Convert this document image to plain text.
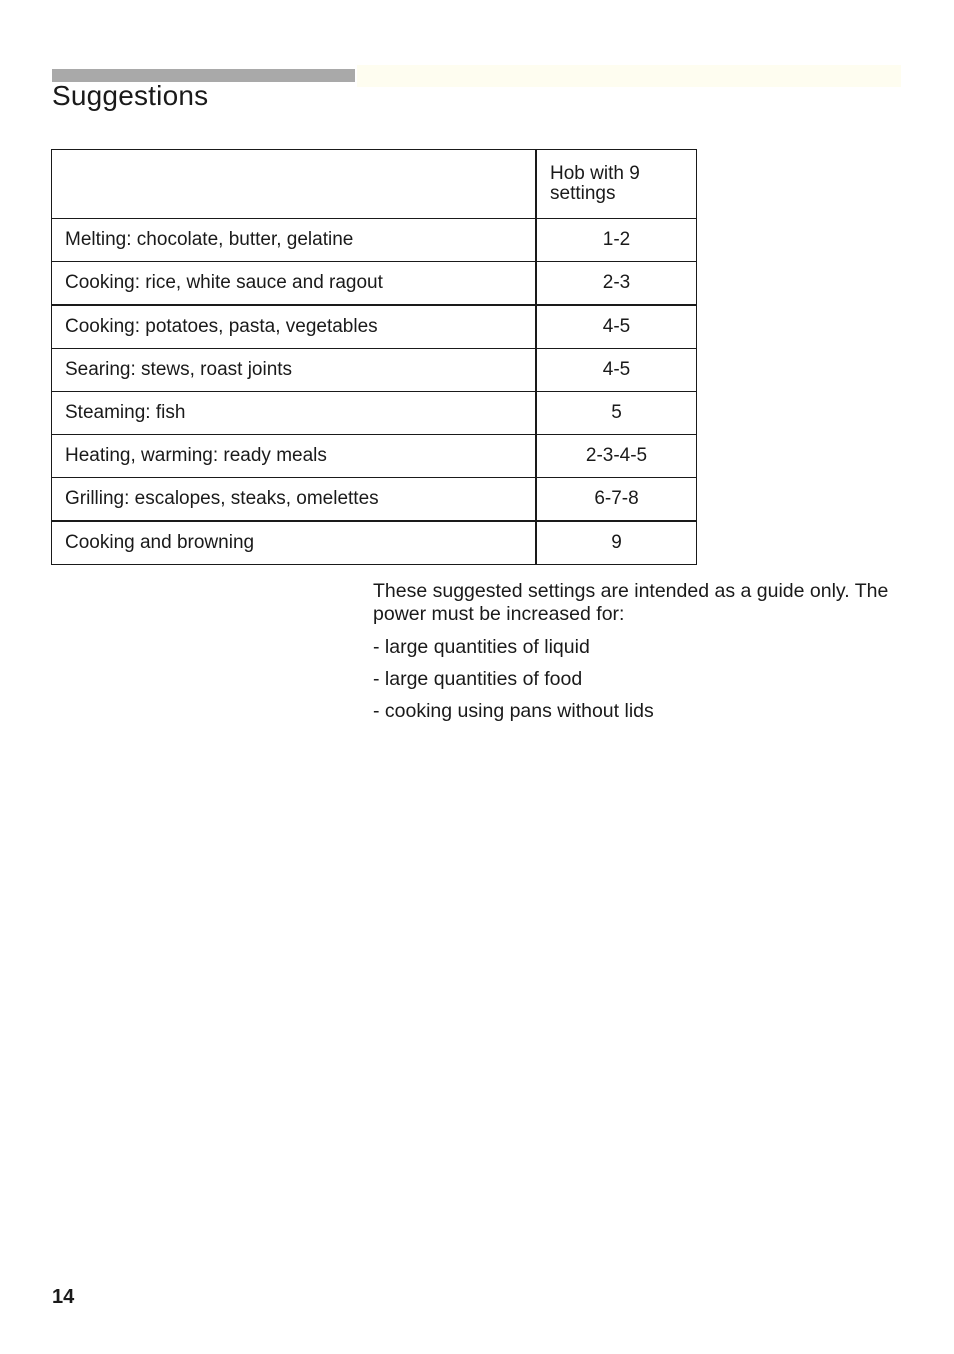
Suggestions
	Hob with 9 settings
Melting: chocolate, butter, gelatine	1-2
Cooking: rice, white sauce and ragout	2-3
Cooking: potatoes, pasta, vegetables	4-5
Searing: stews, roast joints	4-5
Steaming: fish	5
Heating, warming: ready meals	2-3-4-5
Grilling: escalopes, steaks, omelettes	6-7-8
Cooking and browning	9

These suggested settings are intended as a guide only. The power must be increased for:

- large quantities of liquid
- large quantities of food
- cooking using pans without lids
14
